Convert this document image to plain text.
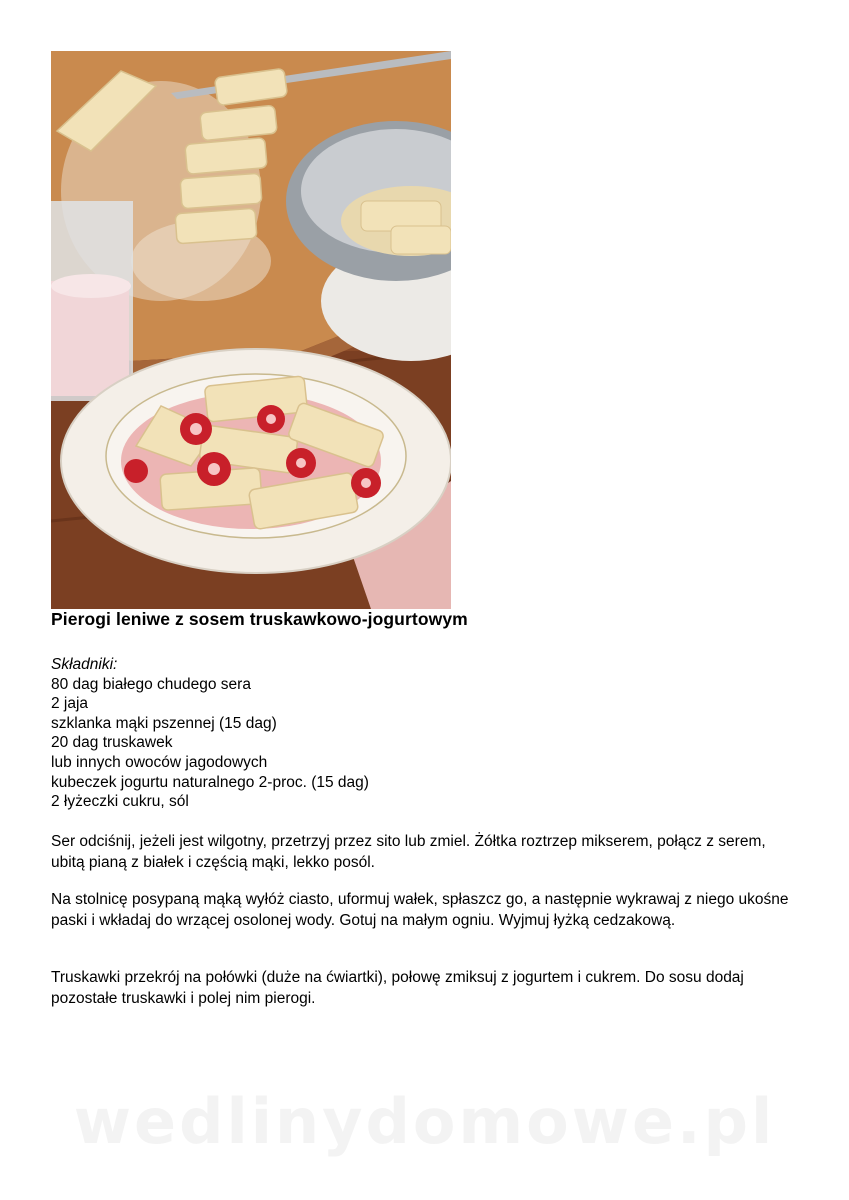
Pierogi leniwe z sosem truskawkowo-jogurtowym
Składniki:
80 dag białego chudego sera
2 jaja
szklanka mąki pszennej (15 dag)
20 dag truskawek
lub innych owoców jagodowych
kubeczek jogurtu naturalnego 2-proc. (15 dag)
2 łyżeczki cukru, sól

Ser odciśnij, jeżeli jest wilgotny, przetrzyj przez sito lub zmiel. Żółtka roztrzep mikserem, połącz z serem, ubitą pianą z białek i częścią mąki, lekko posól.

Na stolnicę posypaną mąką wyłóż ciasto, uformuj wałek, spłaszcz go, a następnie wykrawaj z niego ukośne paski i wkładaj do wrzącej osolonej wody. Gotuj na małym ogniu. Wyjmuj łyżką cedzakową.

Truskawki przekrój na połówki (duże na ćwiartki), połowę zmiksuj z jogurtem i cukrem. Do sosu dodaj pozostałe truskawki i polej nim pierogi.

wedlinydomowe.pl
